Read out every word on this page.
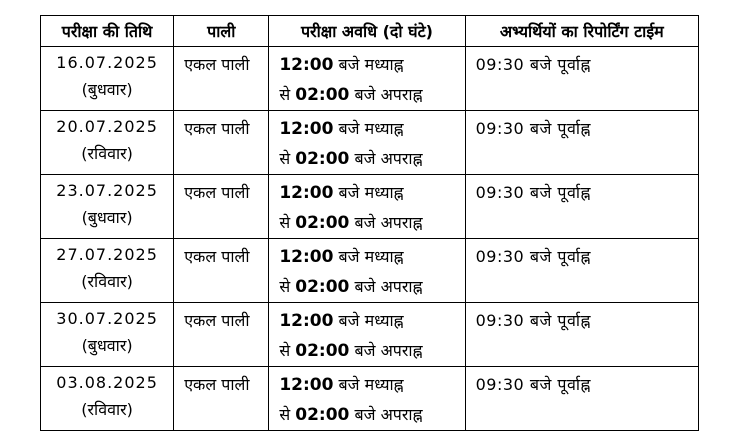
परीक्षा की तिथि	पाली	परीक्षा अवधि (दो घंटे)	अभ्यर्थियों का रिपोर्टिंग टाईम

16.07.2025
(बुधवार)	एकल पाली	12:00 बजे मध्याह्न
से 02:00 बजे अपराह्न	09:30 बजे पूर्वाह्न

20.07.2025
(रविवार)	एकल पाली	12:00 बजे मध्याह्न
से 02:00 बजे अपराह्न	09:30 बजे पूर्वाह्न

23.07.2025
(बुधवार)	एकल पाली	12:00 बजे मध्याह्न
से 02:00 बजे अपराह्न	09:30 बजे पूर्वाह्न

27.07.2025
(रविवार)	एकल पाली	12:00 बजे मध्याह्न
से 02:00 बजे अपराह्न	09:30 बजे पूर्वाह्न

30.07.2025
(बुधवार)	एकल पाली	12:00 बजे मध्याह्न
से 02:00 बजे अपराह्न	09:30 बजे पूर्वाह्न

03.08.2025
(रविवार)	एकल पाली	12:00 बजे मध्याह्न
से 02:00 बजे अपराह्न	09:30 बजे पूर्वाह्न
